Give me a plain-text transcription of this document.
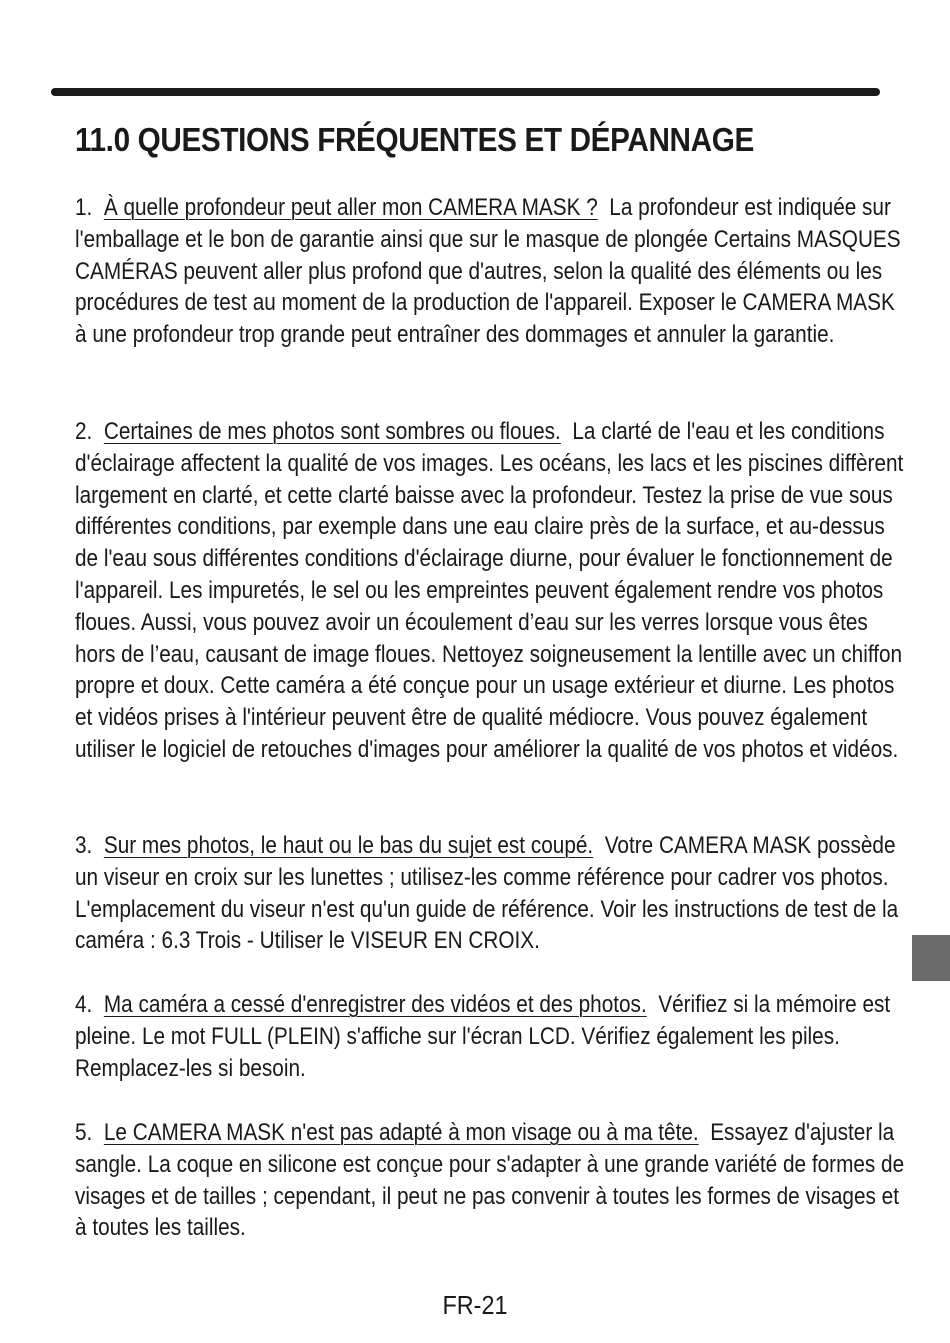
11.0 QUESTIONS FRÉQUENTES ET DÉPANNAGE

1. À quelle profondeur peut aller mon CAMERA MASK ? La profondeur est indiquée sur l'emballage et le bon de garantie ainsi que sur le masque de plongée Certains MASQUES CAMÉRAS peuvent aller plus profond que d'autres, selon la qualité des éléments ou les procédures de test au moment de la production de l'appareil. Exposer le CAMERA MASK à une profondeur trop grande peut entraîner des dommages et annuler la garantie.

2. Certaines de mes photos sont sombres ou floues. La clarté de l'eau et les conditions d'éclairage affectent la qualité de vos images. Les océans, les lacs et les piscines diffèrent largement en clarté, et cette clarté baisse avec la profondeur. Testez la prise de vue sous différentes conditions, par exemple dans une eau claire près de la surface, et au-dessus de l'eau sous différentes conditions d'éclairage diurne, pour évaluer le fonctionnement de l'appareil. Les impuretés, le sel ou les empreintes peuvent également rendre vos photos floues. Aussi, vous pouvez avoir un écoulement d’eau sur les verres lorsque vous êtes hors de l’eau, causant de image floues. Nettoyez soigneusement la lentille avec un chiffon propre et doux. Cette caméra a été conçue pour un usage extérieur et diurne. Les photos et vidéos prises à l'intérieur peuvent être de qualité médiocre. Vous pouvez également utiliser le logiciel de retouches d'images pour améliorer la qualité de vos photos et vidéos.

3. Sur mes photos, le haut ou le bas du sujet est coupé. Votre CAMERA MASK possède un viseur en croix sur les lunettes ; utilisez-les comme référence pour cadrer vos photos. L'emplacement du viseur n'est qu'un guide de référence. Voir les instructions de test de la caméra : 6.3 Trois - Utiliser le VISEUR EN CROIX.

4. Ma caméra a cessé d'enregistrer des vidéos et des photos. Vérifiez si la mémoire est pleine. Le mot FULL (PLEIN) s'affiche sur l'écran LCD. Vérifiez également les piles. Remplacez-les si besoin.

5. Le CAMERA MASK n'est pas adapté à mon visage ou à ma tête. Essayez d'ajuster la sangle. La coque en silicone est conçue pour s'adapter à une grande variété de formes de visages et de tailles ; cependant, il peut ne pas convenir à toutes les formes de visages et à toutes les tailles.

FR-21
